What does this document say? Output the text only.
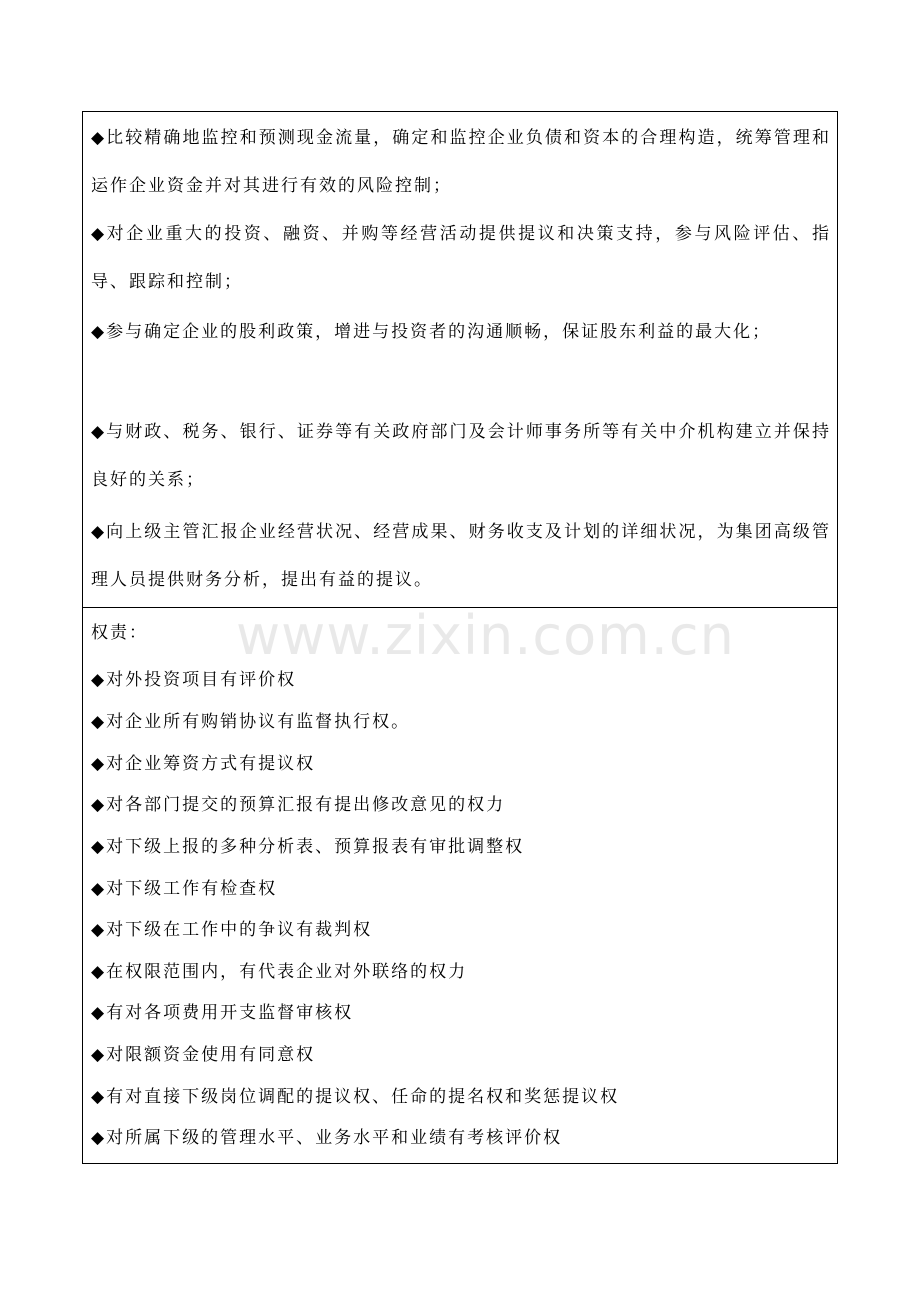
◆比较精确地监控和预测现金流量，确定和监控企业负债和资本的合理构造，统筹管理和运作企业资金并对其进行有效的风险控制；
◆对企业重大的投资、融资、并购等经营活动提供提议和决策支持，参与风险评估、指导、跟踪和控制；
◆参与确定企业的股利政策，增进与投资者的沟通顺畅，保证股东利益的最大化；
◆与财政、税务、银行、证券等有关政府部门及会计师事务所等有关中介机构建立并保持良好的关系；
◆向上级主管汇报企业经营状况、经营成果、财务收支及计划的详细状况，为集团高级管理人员提供财务分析，提出有益的提议。
权责：
◆对外投资项目有评价权
◆对企业所有购销协议有监督执行权。
◆对企业筹资方式有提议权
◆对各部门提交的预算汇报有提出修改意见的权力
◆对下级上报的多种分析表、预算报表有审批调整权
◆对下级工作有检查权
◆对下级在工作中的争议有裁判权
◆在权限范围内，有代表企业对外联络的权力
◆有对各项费用开支监督审核权
◆对限额资金使用有同意权
◆有对直接下级岗位调配的提议权、任命的提名权和奖惩提议权
◆对所属下级的管理水平、业务水平和业绩有考核评价权
www.zixin.com.cn
